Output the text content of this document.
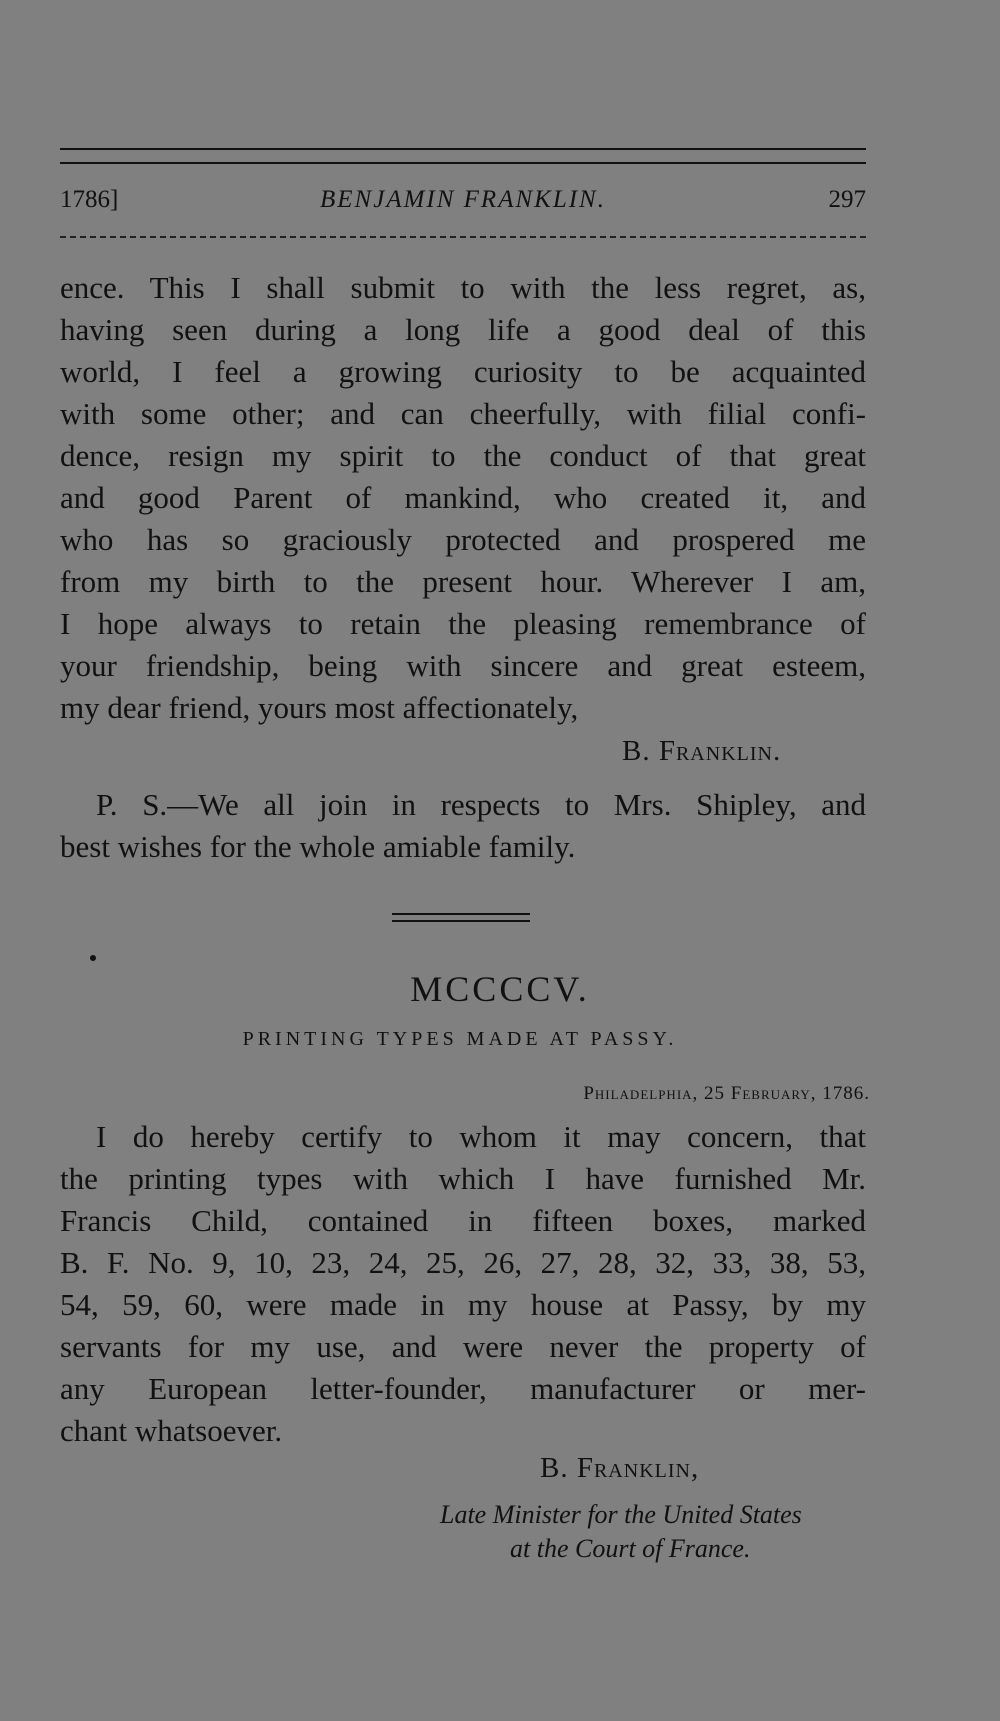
1786]	BENJAMIN FRANKLIN.	297
ence. This I shall submit to with the less regret, as,
having seen during a long life a good deal of this
world, I feel a growing curiosity to be acquainted
with some other; and can cheerfully, with filial confi-
dence, resign my spirit to the conduct of that great
and good Parent of mankind, who created it, and
who has so graciously protected and prospered me
from my birth to the present hour. Wherever I am,
I hope always to retain the pleasing remembrance of
your friendship, being with sincere and great esteem,
my dear friend, yours most affectionately,
B. Franklin.
P. S.—We all join in respects to Mrs. Shipley, and
best wishes for the whole amiable family.
MCCCCV.
PRINTING TYPES MADE AT PASSY.
Philadelphia, 25 February, 1786.
I do hereby certify to whom it may concern, that
the printing types with which I have furnished Mr.
Francis Child, contained in fifteen boxes, marked
B. F. No. 9, 10, 23, 24, 25, 26, 27, 28, 32, 33, 38, 53,
54, 59, 60, were made in my house at Passy, by my
servants for my use, and were never the property of
any European letter-founder, manufacturer or mer-
chant whatsoever.
B. Franklin,
Late Minister for the United States
at the Court of France.
